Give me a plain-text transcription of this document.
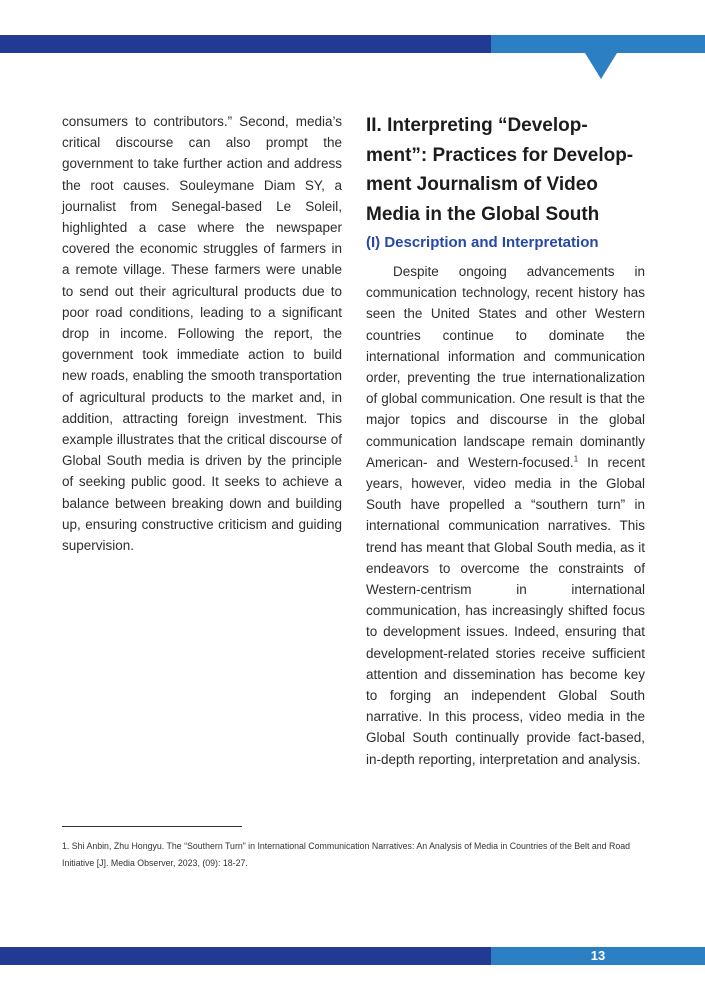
consumers to contributors.” Second, media’s critical discourse can also prompt the government to take further action and address the root causes. Souleymane Diam SY, a journalist from Senegal-based Le Soleil, highlighted a case where the newspaper covered the economic struggles of farmers in a remote village. These farmers were unable to send out their agricultural products due to poor road conditions, leading to a significant drop in income. Following the report, the government took immediate action to build new roads, enabling the smooth transportation of agricultural products to the market and, in addition, attracting foreign investment. This example illustrates that the critical discourse of Global South media is driven by the principle of seeking public good. It seeks to achieve a balance between breaking down and building up, ensuring constructive criticism and guiding supervision.

II. Interpreting “Develop- ment”: Practices for Develop- ment Journalism of Video Media in the Global South
(I) Description and Interpretation

Despite ongoing advancements in communication technology, recent history has seen the United States and other Western countries continue to dominate the international information and communication order, preventing the true internationalization of global communication. One result is that the major topics and discourse in the global communication landscape remain dominantly American- and Western-focused.$^1$ In recent years, however, video media in the Global South have propelled a “southern turn” in international communication narratives. This trend has meant that Global South media, as it endeavors to overcome the constraints of Western-centrism in international communication, has increasingly shifted focus to development issues. Indeed, ensuring that development-related stories receive sufficient attention and dissemination has become key to forging an independent Global South narrative. In this process, video media in the Global South continually provide fact-based, in-depth reporting, interpretation and analysis.

1. Shi Anbin, Zhu Hongyu. The “Southern Turn” in International Communication Narratives: An Analysis of Media in Countries of the Belt and Road Initiative [J]. Media Observer, 2023, (09): 18-27.
13
